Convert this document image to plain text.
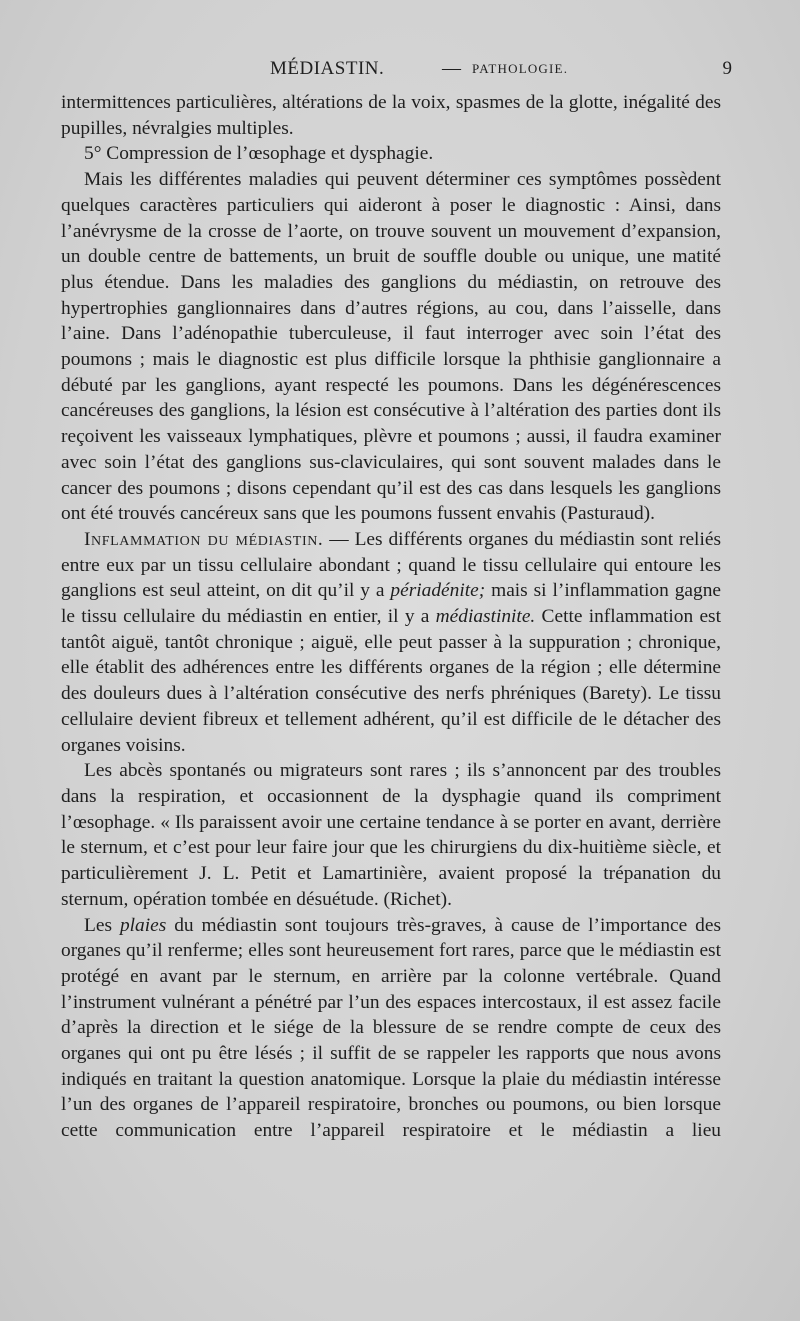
MÉDIASTIN.	— PATHOLOGIE.	9

intermittences particulières, altérations de la voix, spasmes de la glotte, inégalité des pupilles, névralgies multiples.

5° Compression de l’œsophage et dysphagie.

Mais les différentes maladies qui peuvent déterminer ces symptômes possèdent quelques caractères particuliers qui aideront à poser le diagnostic : Ainsi, dans l’anévrysme de la crosse de l’aorte, on trouve souvent un mouvement d’expansion, un double centre de battements, un bruit de souffle double ou unique, une matité plus étendue. Dans les maladies des ganglions du médiastin, on retrouve des hypertrophies ganglionnaires dans d’autres régions, au cou, dans l’aisselle, dans l’aine. Dans l’adénopathie tuberculeuse, il faut interroger avec soin l’état des poumons ; mais le diagnostic est plus difficile lorsque la phthisie ganglionnaire a débuté par les ganglions, ayant respecté les poumons. Dans les dégénérescences cancéreuses des ganglions, la lésion est consécutive à l’altération des parties dont ils reçoivent les vaisseaux lymphatiques, plèvre et poumons ; aussi, il faudra examiner avec soin l’état des ganglions sus-claviculaires, qui sont souvent malades dans le cancer des poumons ; disons cependant qu’il est des cas dans lesquels les ganglions ont été trouvés cancéreux sans que les poumons fussent envahis (Pasturaud).

Inflammation du médiastin. — Les différents organes du médiastin sont reliés entre eux par un tissu cellulaire abondant ; quand le tissu cellulaire qui entoure les ganglions est seul atteint, on dit qu’il y a périadénite; mais si l’inflammation gagne le tissu cellulaire du médiastin en entier, il y a médiastinite. Cette inflammation est tantôt aiguë, tantôt chronique ; aiguë, elle peut passer à la suppuration ; chronique, elle établit des adhérences entre les différents organes de la région ; elle détermine des douleurs dues à l’altération consécutive des nerfs phréniques (Barety). Le tissu cellulaire devient fibreux et tellement adhérent, qu’il est difficile de le détacher des organes voisins.

Les abcès spontanés ou migrateurs sont rares ; ils s’annoncent par des troubles dans la respiration, et occasionnent de la dysphagie quand ils compriment l’œsophage. « Ils paraissent avoir une certaine tendance à se porter en avant, derrière le sternum, et c’est pour leur faire jour que les chirurgiens du dix-huitième siècle, et particulièrement J. L. Petit et Lamartinière, avaient proposé la trépanation du sternum, opération tombée en désuétude. (Richet).

Les plaies du médiastin sont toujours très-graves, à cause de l’importance des organes qu’il renferme; elles sont heureusement fort rares, parce que le médiastin est protégé en avant par le sternum, en arrière par la colonne vertébrale. Quand l’instrument vulnérant a pénétré par l’un des espaces intercostaux, il est assez facile d’après la direction et le siége de la blessure de se rendre compte de ceux des organes qui ont pu être lésés ; il suffit de se rappeler les rapports que nous avons indiqués en traitant la question anatomique. Lorsque la plaie du médiastin intéresse l’un des organes de l’appareil respiratoire, bronches ou poumons, ou bien lorsque cette communication entre l’appareil respiratoire et le médiastin a lieu
